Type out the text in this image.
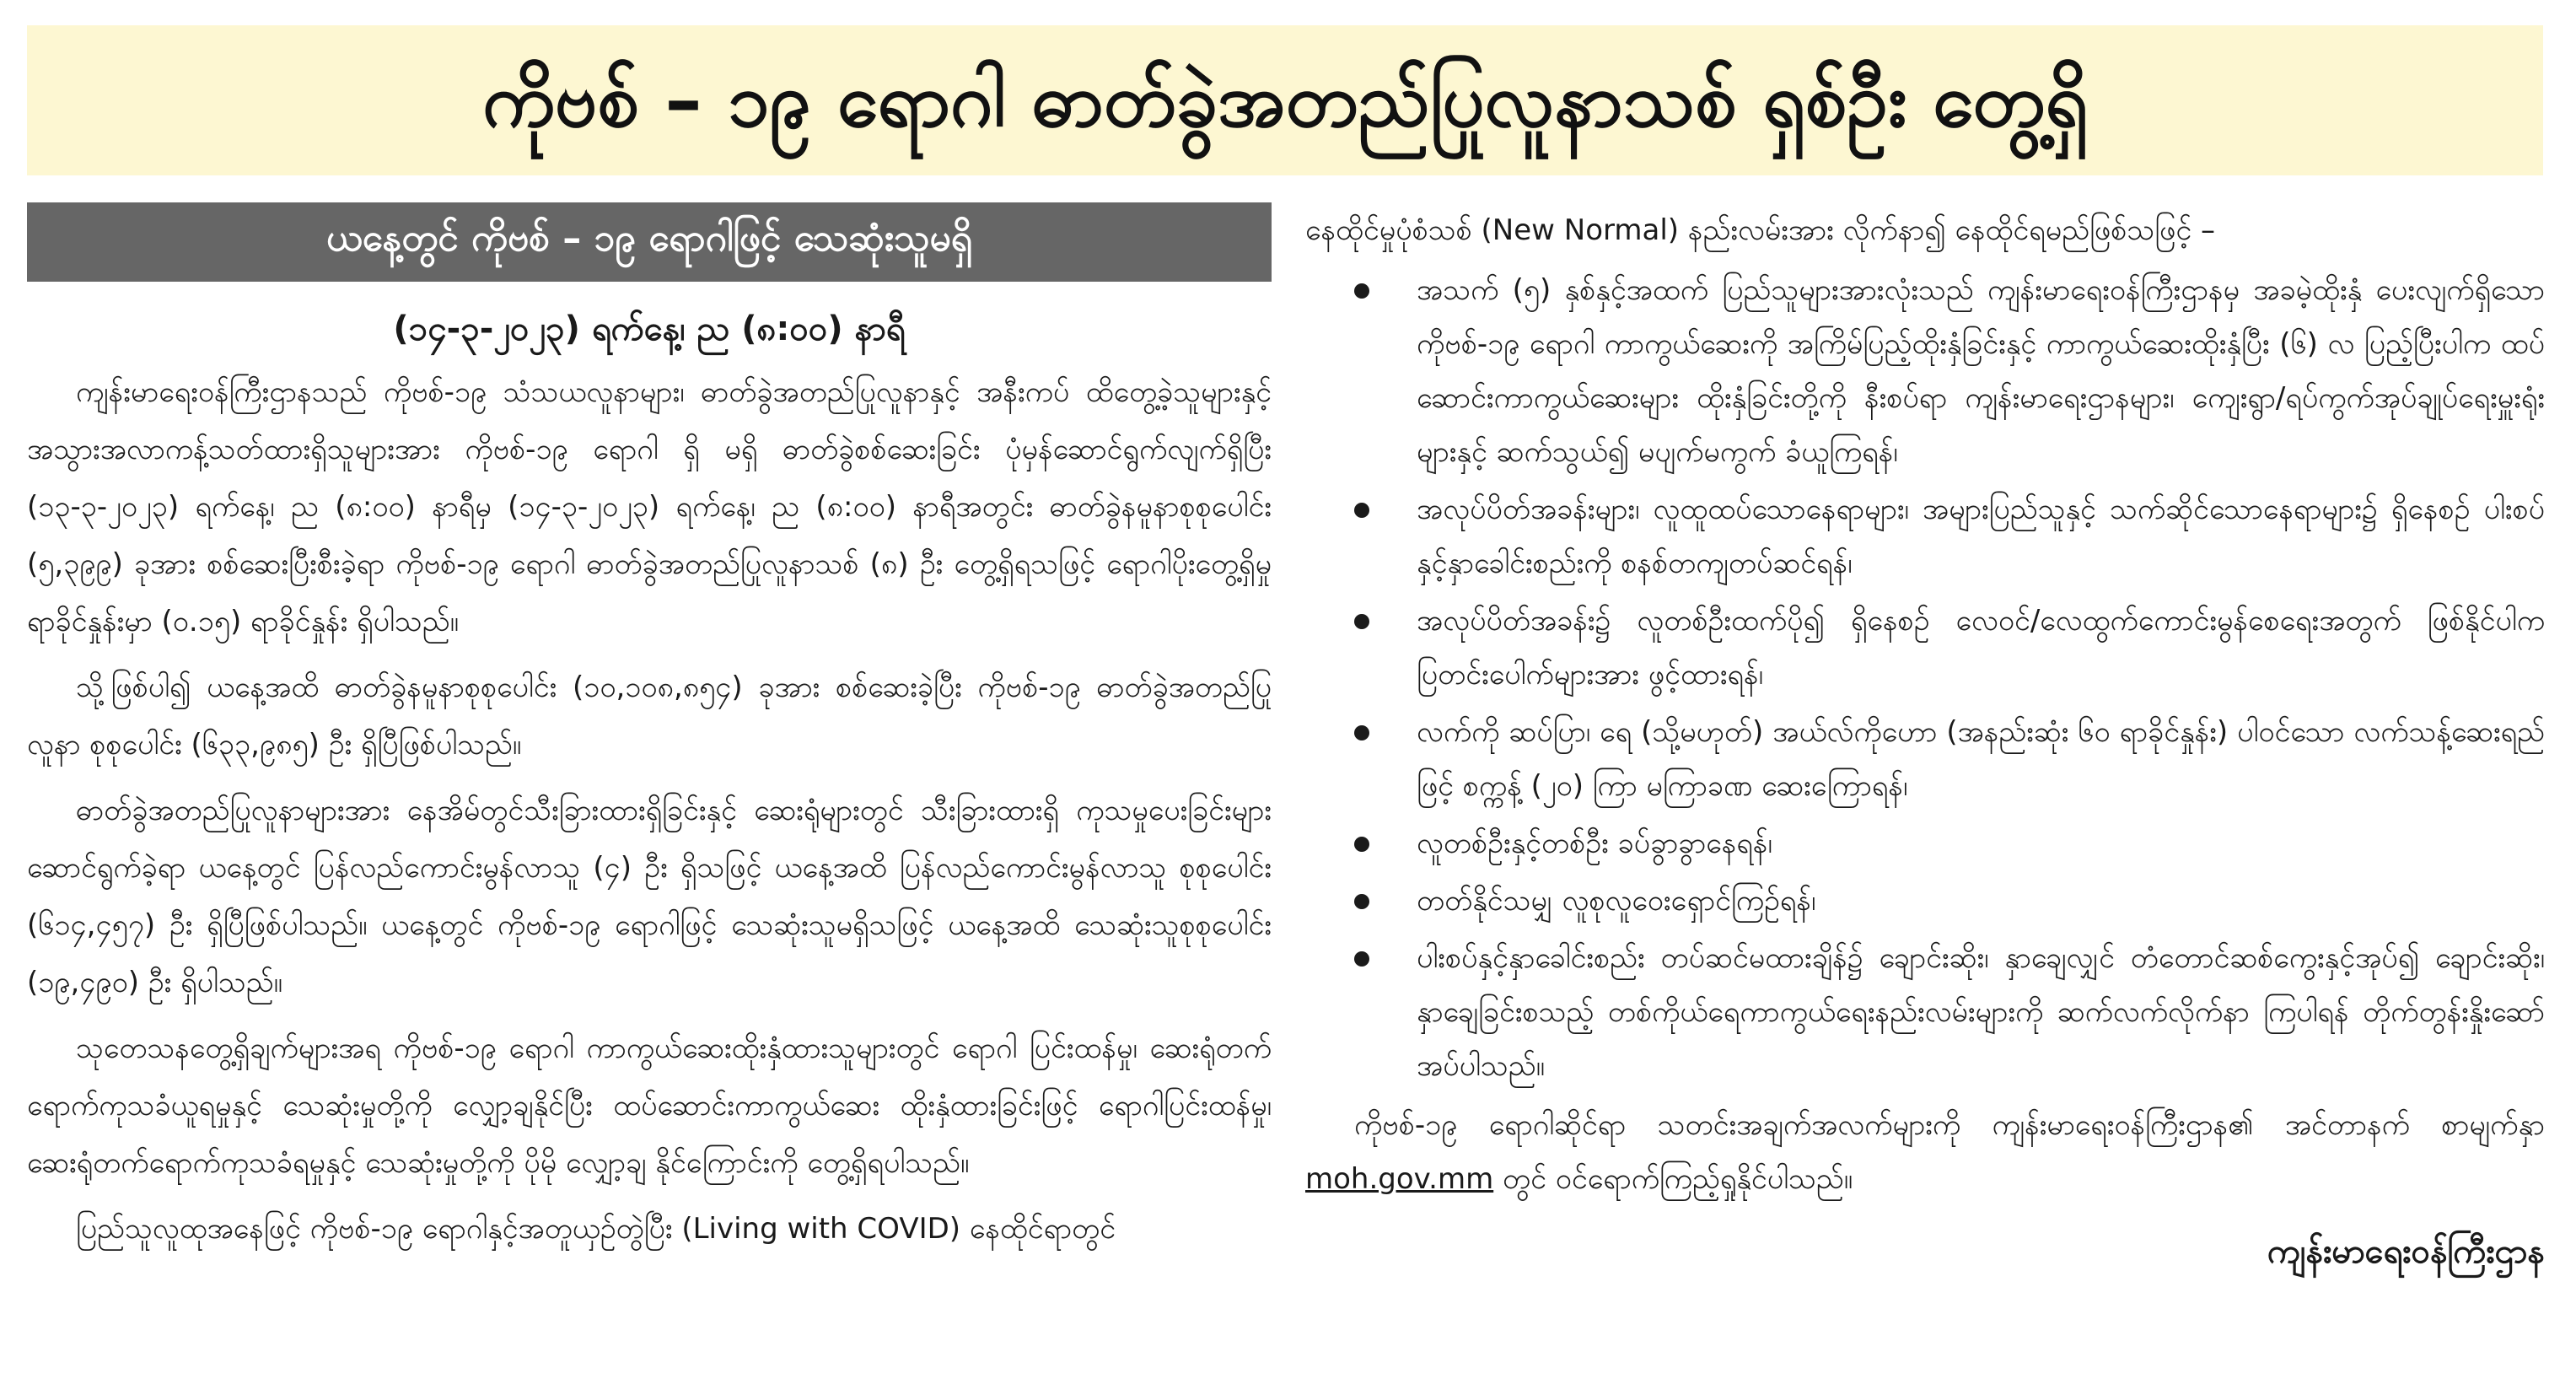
ကိုဗစ် – ၁၉ ရောဂါ ဓာတ်ခွဲအတည်ပြုလူနာသစ် ရှစ်ဦး တွေ့ရှိ
ယနေ့တွင် ကိုဗစ် – ၁၉ ရောဂါဖြင့် သေဆုံးသူမရှိ
(၁၄-၃-၂၀၂၃) ရက်နေ့၊ ည (၈:၀၀) နာရီ

ကျန်းမာရေးဝန်ကြီးဌာနသည် ကိုဗစ်-၁၉ သံသယလူနာများ၊ ဓာတ်ခွဲအတည်ပြုလူနာနှင့် အနီးကပ် ထိတွေ့ခဲ့သူများနှင့် အသွားအလာကန့်သတ်ထားရှိသူများအား ကိုဗစ်-၁၉ ရောဂါ ရှိ မရှိ ဓာတ်ခွဲစစ်ဆေးခြင်း ပုံမှန်ဆောင်ရွက်လျက်ရှိပြီး (၁၃-၃-၂၀၂၃) ရက်နေ့၊ ည (၈:၀၀) နာရီမှ (၁၄-၃-၂၀၂၃) ရက်နေ့၊ ည (၈:၀၀) နာရီအတွင်း ဓာတ်ခွဲနမူနာစုစုပေါင်း (၅,၃၉၉) ခုအား စစ်ဆေးပြီးစီးခဲ့ရာ ကိုဗစ်-၁၉ ရောဂါ ဓာတ်ခွဲအတည်ပြုလူနာသစ် (၈) ဦး တွေ့ရှိရသဖြင့် ရောဂါပိုးတွေ့ရှိမှု ရာခိုင်နှုန်းမှာ (၀.၁၅) ရာခိုင်နှုန်း ရှိပါသည်။

သို့ဖြစ်ပါ၍ ယနေ့အထိ ဓာတ်ခွဲနမူနာစုစုပေါင်း (၁၀,၁၀၈,၈၅၄) ခုအား စစ်ဆေးခဲ့ပြီး ကိုဗစ်-၁၉ ဓာတ်ခွဲအတည်ပြုလူနာ စုစုပေါင်း (၆၃၃,၉၈၅) ဦး ရှိပြီဖြစ်ပါသည်။

ဓာတ်ခွဲအတည်ပြုလူနာများအား နေအိမ်တွင်သီးခြားထားရှိခြင်းနှင့် ဆေးရုံများတွင် သီးခြားထားရှိ ကုသမှုပေးခြင်းများ ဆောင်ရွက်ခဲ့ရာ ယနေ့တွင် ပြန်လည်ကောင်းမွန်လာသူ (၄) ဦး ရှိသဖြင့် ယနေ့အထိ ပြန်လည်ကောင်းမွန်လာသူ စုစုပေါင်း (၆၁၄,၄၅၇) ဦး ရှိပြီဖြစ်ပါသည်။ ယနေ့တွင် ကိုဗစ်-၁၉ ရောဂါဖြင့် သေဆုံးသူမရှိသဖြင့် ယနေ့အထိ သေဆုံးသူစုစုပေါင်း (၁၉,၄၉၀) ဦး ရှိပါသည်။

သုတေသနတွေ့ရှိချက်များအရ ကိုဗစ်-၁၉ ရောဂါ ကာကွယ်ဆေးထိုးနှံထားသူများတွင် ရောဂါ ပြင်းထန်မှု၊ ဆေးရုံတက်ရောက်ကုသခံယူရမှုနှင့် သေဆုံးမှုတို့ကို လျှော့ချနိုင်ပြီး ထပ်ဆောင်းကာကွယ်ဆေး ထိုးနှံထားခြင်းဖြင့် ရောဂါပြင်းထန်မှု၊ ဆေးရုံတက်ရောက်ကုသခံရမှုနှင့် သေဆုံးမှုတို့ကို ပိုမို လျှော့ချ နိုင်ကြောင်းကို တွေ့ရှိရပါသည်။

ပြည်သူလူထုအနေဖြင့် ကိုဗစ်-၁၉ ရောဂါနှင့်အတူယှဉ်တွဲပြီး (Living with COVID) နေထိုင်ရာတွင်

နေထိုင်မှုပုံစံသစ် (New Normal) နည်းလမ်းအား လိုက်နာ၍ နေထိုင်ရမည်ဖြစ်သဖြင့် –

အသက် (၅) နှစ်နှင့်အထက် ပြည်သူများအားလုံးသည် ကျန်းမာရေးဝန်ကြီးဌာနမှ အခမဲ့ထိုးနှံ ပေးလျက်ရှိသော ကိုဗစ်-၁၉ ရောဂါ ကာကွယ်ဆေးကို အကြိမ်ပြည့်ထိုးနှံခြင်းနှင့် ကာကွယ်ဆေးထိုးနှံပြီး (၆) လ ပြည့်ပြီးပါက ထပ်ဆောင်းကာကွယ်ဆေးများ ထိုးနှံခြင်းတို့ကို နီးစပ်ရာ ကျန်းမာရေးဌာနများ၊ ကျေးရွာ/ရပ်ကွက်အုပ်ချုပ်ရေးမှူးရုံးများနှင့် ဆက်သွယ်၍ မပျက်မကွက် ခံယူကြရန်၊
အလုပ်ပိတ်အခန်းများ၊ လူထူထပ်သောနေရာများ၊ အများပြည်သူနှင့် သက်ဆိုင်သောနေရာများ၌ ရှိနေစဉ် ပါးစပ်နှင့်နှာခေါင်းစည်းကို စနစ်တကျတပ်ဆင်ရန်၊
အလုပ်ပိတ်အခန်း၌ လူတစ်ဦးထက်ပို၍ ရှိနေစဉ် လေဝင်/လေထွက်ကောင်းမွန်စေရေးအတွက် ဖြစ်နိုင်ပါက ပြတင်းပေါက်များအား ဖွင့်ထားရန်၊
လက်ကို ဆပ်ပြာ၊ ရေ (သို့မဟုတ်) အယ်လ်ကိုဟော (အနည်းဆုံး ၆၀ ရာခိုင်နှုန်း) ပါဝင်သော လက်သန့်ဆေးရည်ဖြင့် စက္ကန့် (၂၀) ကြာ မကြာခဏ ဆေးကြောရန်၊
လူတစ်ဦးနှင့်တစ်ဦး ခပ်ခွာခွာနေရန်၊
တတ်နိုင်သမျှ လူစုလူဝေးရှောင်ကြဉ်ရန်၊
ပါးစပ်နှင့်နှာခေါင်းစည်း တပ်ဆင်မထားချိန်၌ ချောင်းဆိုး၊ နှာချေလျှင် တံတောင်ဆစ်ကွေးနှင့်အုပ်၍ ချောင်းဆိုး၊ နှာချေခြင်းစသည့် တစ်ကိုယ်ရေကာကွယ်ရေးနည်းလမ်းများကို ဆက်လက်လိုက်နာ ကြပါရန် တိုက်တွန်းနှိုးဆော်အပ်ပါသည်။

ကိုဗစ်-၁၉ ရောဂါဆိုင်ရာ သတင်းအချက်အလက်များကို ကျန်းမာရေးဝန်ကြီးဌာန၏ အင်တာနက် စာမျက်နှာ moh.gov.mm တွင် ဝင်ရောက်ကြည့်ရှုနိုင်ပါသည်။

ကျန်းမာရေးဝန်ကြီးဌာန
